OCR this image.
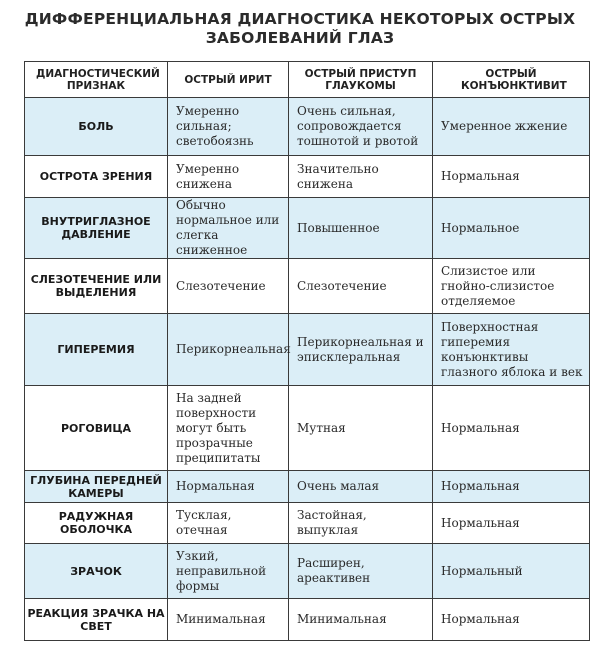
ДИФФЕРЕНЦИАЛЬНАЯ ДИАГНОСТИКА НЕКОТОРЫХ ОСТРЫХ
ЗАБОЛЕВАНИЙ ГЛАЗ
ДИАГНОСТИЧЕСКИЙ ПРИЗНАК	ОСТРЫЙ ИРИТ	ОСТРЫЙ ПРИСТУП ГЛАУКОМЫ	ОСТРЫЙ КОНЪЮНКТИВИТ

БОЛЬ	Умеренно сильная; светобоязнь	Очень сильная, сопровождается тошнотой и рвотой	Умеренное жжение
ОСТРОТА ЗРЕНИЯ	Умеренно снижена	Значительно снижена	Нормальная
ВНУТРИГЛАЗНОЕ ДАВЛЕНИЕ	Обычно нормальное или слегка сниженное	Повышенное	Нормальное
СЛЕЗОТЕЧЕНИЕ ИЛИ ВЫДЕЛЕНИЯ	Слезотечение	Слезотечение	Слизистое или гнойно-слизистое отделяемое
ГИПЕРЕМИЯ	Перикорнеальная	Перикорнеальная и эписклеральная	Поверхностная гиперемия конъюнктивы глазного яблока и век
РОГОВИЦА	На задней поверхности могут быть прозрачные преципитаты	Мутная	Нормальная
ГЛУБИНА ПЕРЕДНЕЙ КАМЕРЫ	Нормальная	Очень малая	Нормальная
РАДУЖНАЯ ОБОЛОЧКА	Тусклая, отечная	Застойная, выпуклая	Нормальная
ЗРАЧОК	Узкий, неправильной формы	Расширен, ареактивен	Нормальный
РЕАКЦИЯ ЗРАЧКА НА СВЕТ	Минимальная	Минимальная	Нормальная
